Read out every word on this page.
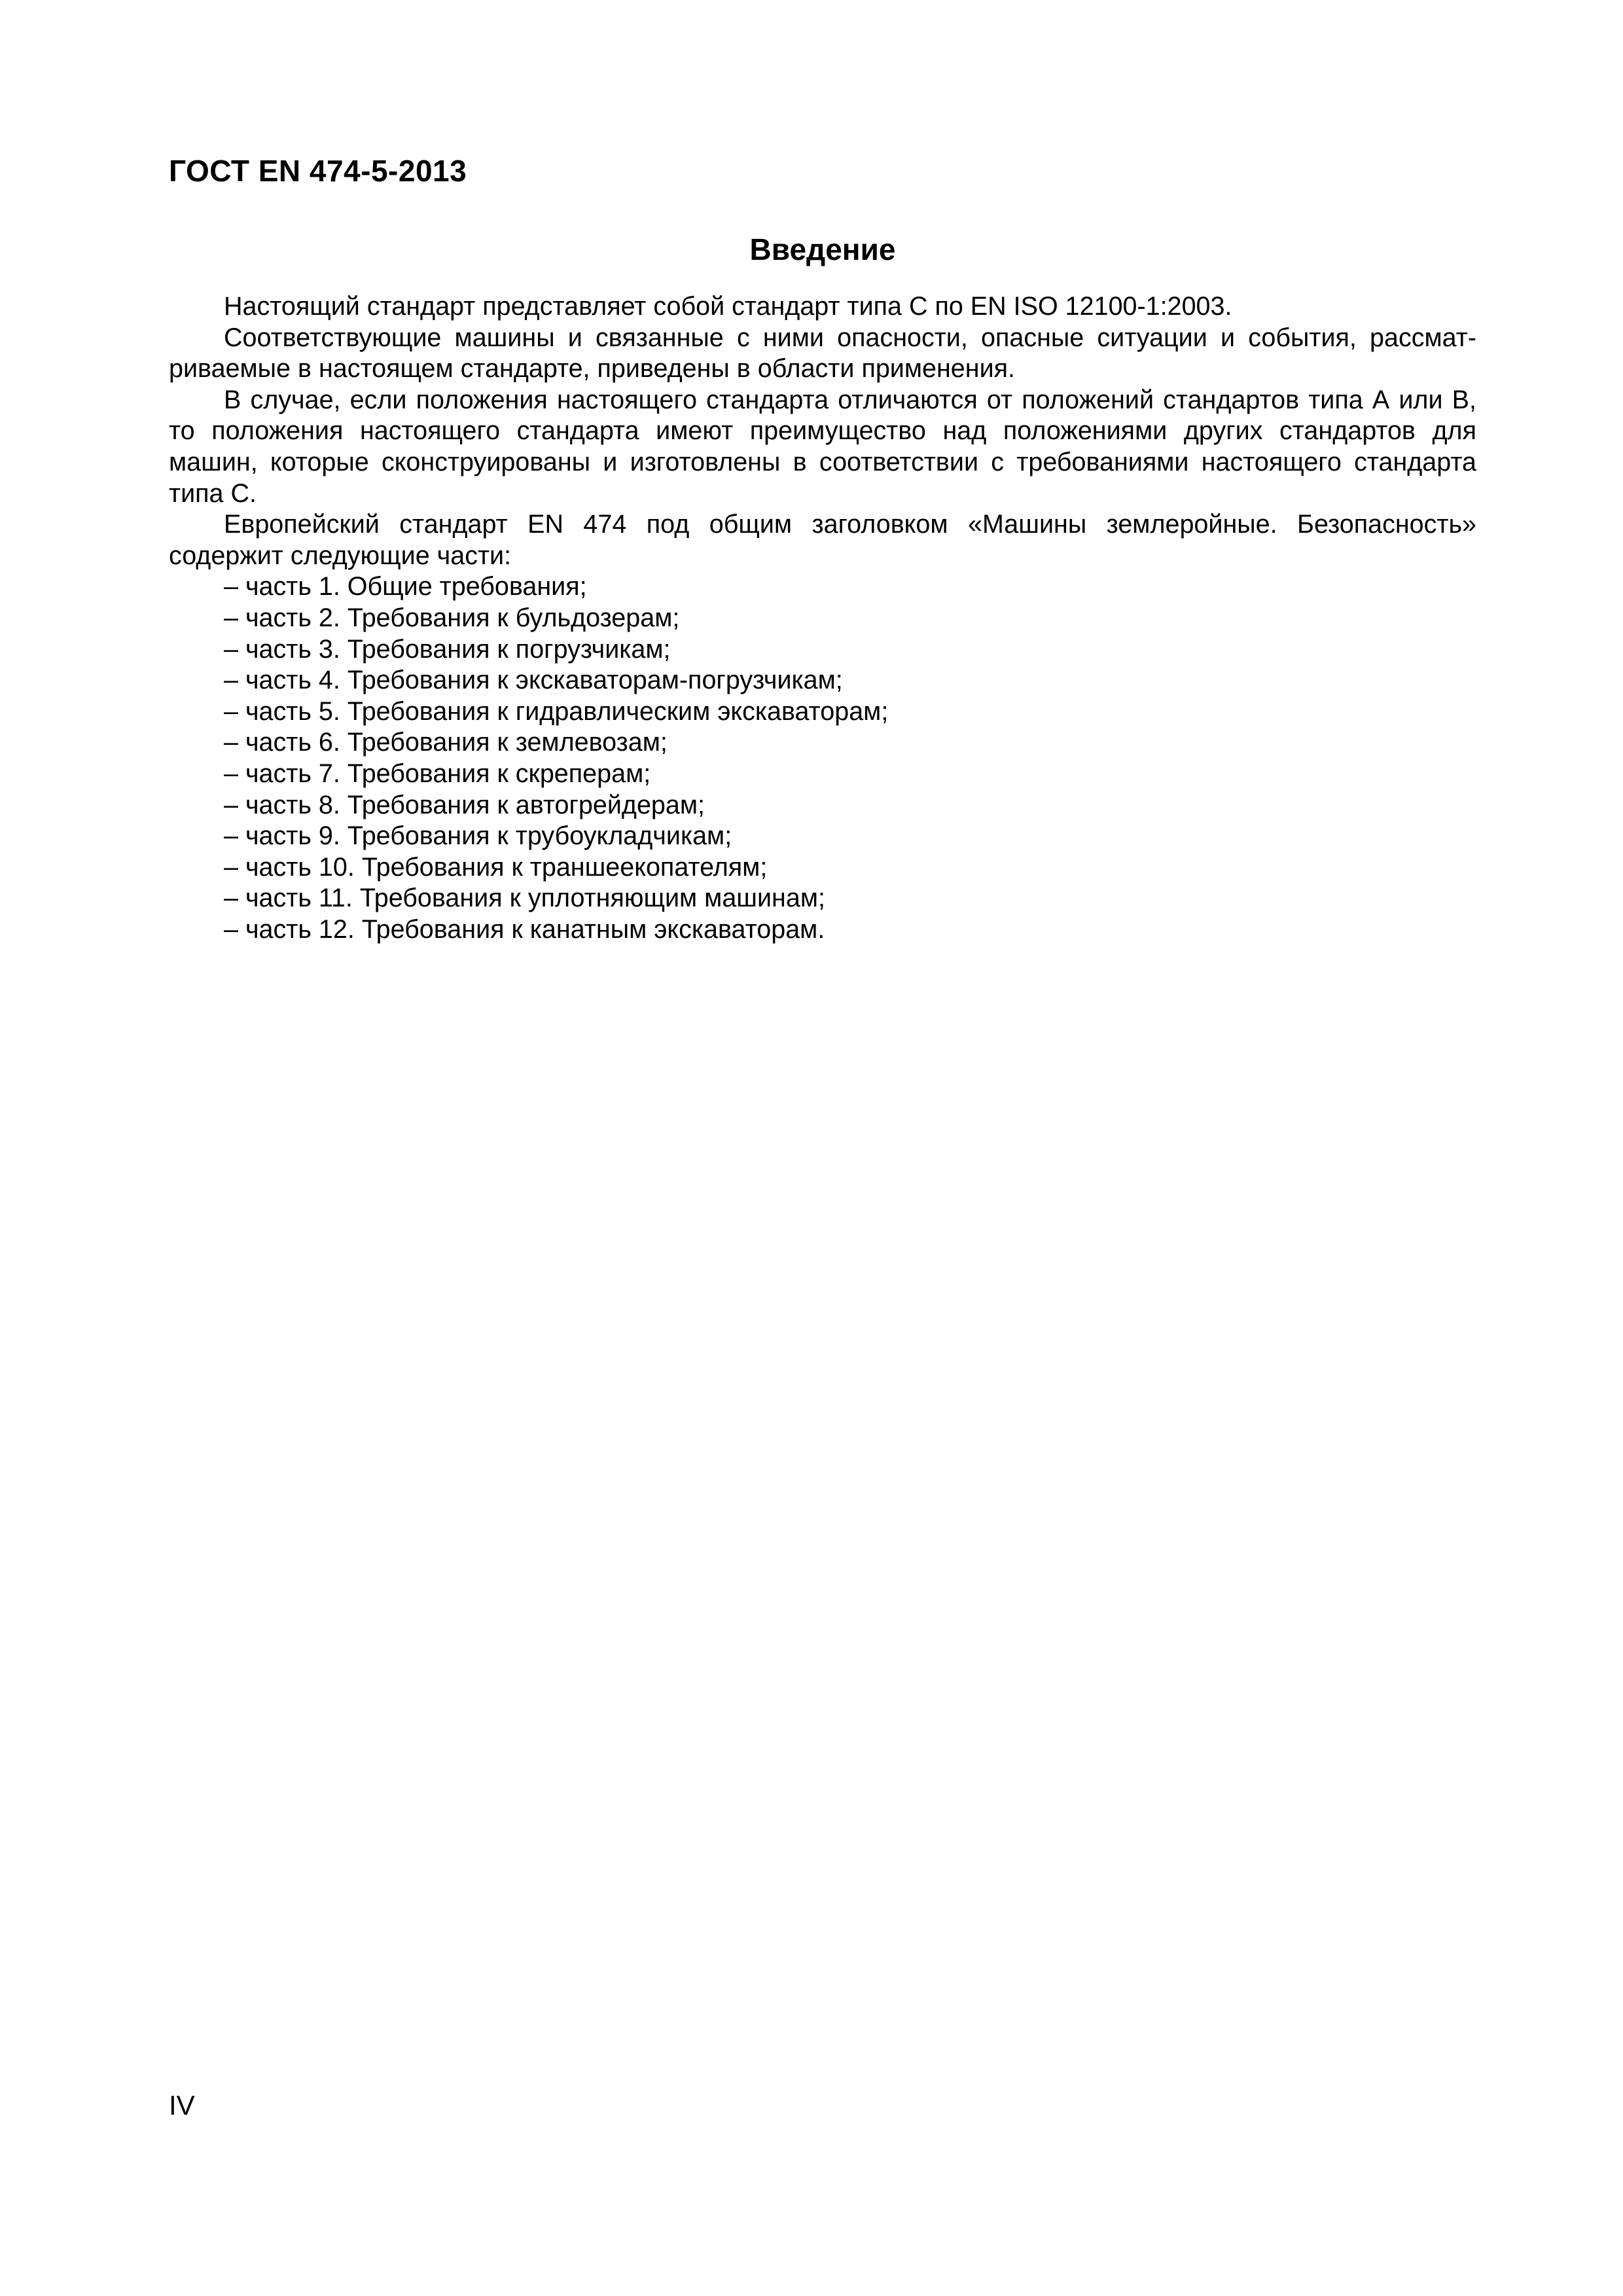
ГОСТ EN 474-5-2013
Введение

Настоящий стандарт представляет собой стандарт типа С по EN ISO 12100-1:2003.

Соответствующие машины и связанные с ними опасности, опасные ситуации и события, рассмат-риваемые в настоящем стандарте, приведены в области применения.

В случае, если положения настоящего стандарта отличаются от положений стандартов типа А или В, то положения настоящего стандарта имеют преимущество над положениями других стандартов для машин, которые сконструированы и изготовлены в соответствии с требованиями настоящего стандарта типа С.

Европейский стандарт EN 474 под общим заголовком «Машины землеройные. Безопасность» содержит следующие части:

– часть 1. Общие требования;
– часть 2. Требования к бульдозерам;
– часть 3. Требования к погрузчикам;
– часть 4. Требования к экскаваторам-погрузчикам;
– часть 5. Требования к гидравлическим экскаваторам;
– часть 6. Требования к землевозам;
– часть 7. Требования к скреперам;
– часть 8. Требования к автогрейдерам;
– часть 9. Требования к трубоукладчикам;
– часть 10. Требования к траншеекопателям;
– часть 11. Требования к уплотняющим машинам;
– часть 12. Требования к канатным экскаваторам.
IV
